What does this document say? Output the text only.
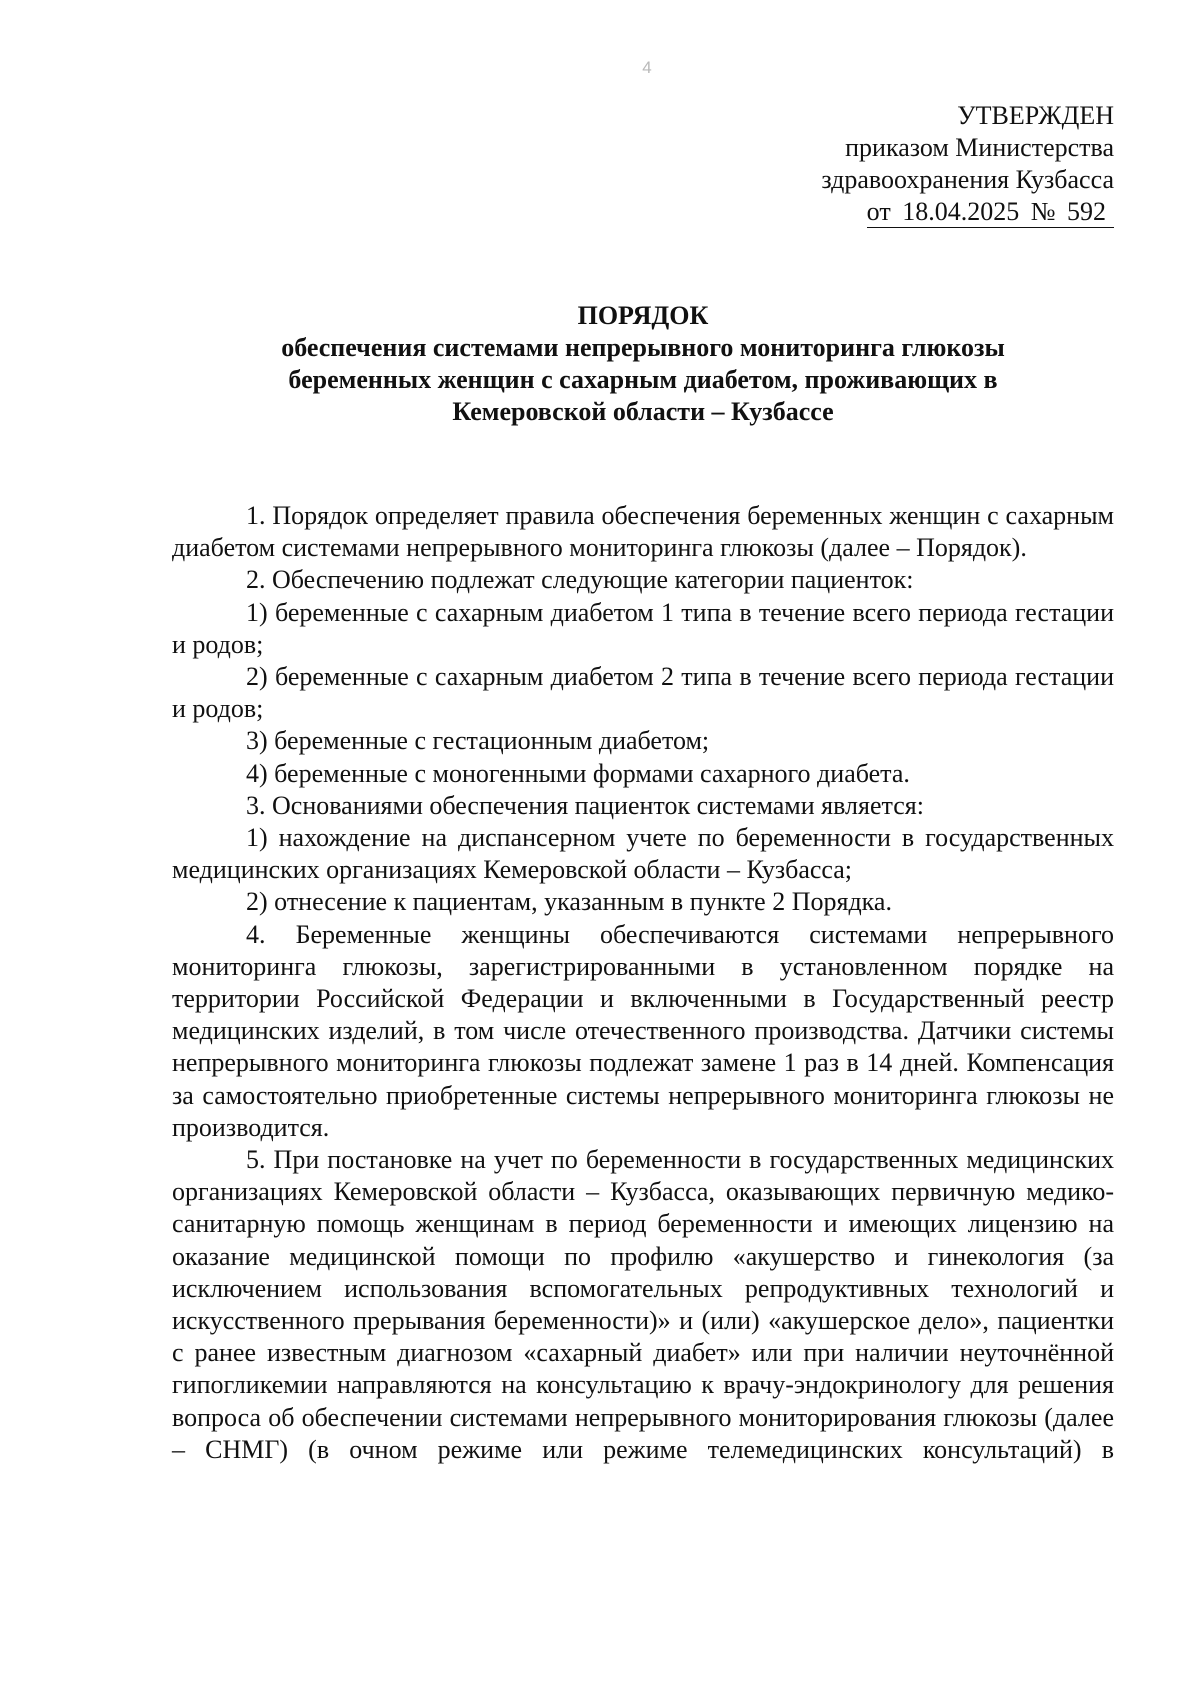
4
УТВЕРЖДЕН
приказом Министерства
здравоохранения Кузбасса
от 18.04.2025 № 592
ПОРЯДОК
обеспечения системами непрерывного мониторинга глюкозы
беременных женщин с сахарным диабетом, проживающих в
Кемеровской области – Кузбассе

1. Порядок определяет правила обеспечения беременных женщин с сахарным диабетом системами непрерывного мониторинга глюкозы (далее – Порядок).

2. Обеспечению подлежат следующие категории пациенток:

1) беременные с сахарным диабетом 1 типа в течение всего периода гестации и родов;

2) беременные с сахарным диабетом 2 типа в течение всего периода гестации и родов;

3) беременные с гестационным диабетом;

4) беременные с моногенными формами сахарного диабета.

3. Основаниями обеспечения пациенток системами является:

1) нахождение на диспансерном учете по беременности в государственных медицинских организациях Кемеровской области – Кузбасса;

2) отнесение к пациентам, указанным в пункте 2 Порядка.

4. Беременные женщины обеспечиваются системами непрерывного мониторинга глюкозы, зарегистрированными в установленном порядке на территории Российской Федерации и включенными в Государственный реестр медицинских изделий, в том числе отечественного производства. Датчики системы непрерывного мониторинга глюкозы подлежат замене 1 раз в 14 дней. Компенсация за самостоятельно приобретенные системы непрерывного мониторинга глюкозы не производится.

5. При постановке на учет по беременности в государственных медицинских организациях Кемеровской области – Кузбасса, оказывающих первичную медико-санитарную помощь женщинам в период беременности и имеющих лицензию на оказание медицинской помощи по профилю «акушерство и гинекология (за исключением использования вспомогательных репродуктивных технологий и искусственного прерывания беременности)» и (или) «акушерское дело», пациентки с ранее известным диагнозом «сахарный диабет» или при наличии неуточнённой гипогликемии направляются на консультацию к врачу-эндокринологу для решения вопроса об обеспечении системами непрерывного мониторирования глюкозы (далее – СНМГ) (в очном режиме или режиме телемедицинских консультаций) в
